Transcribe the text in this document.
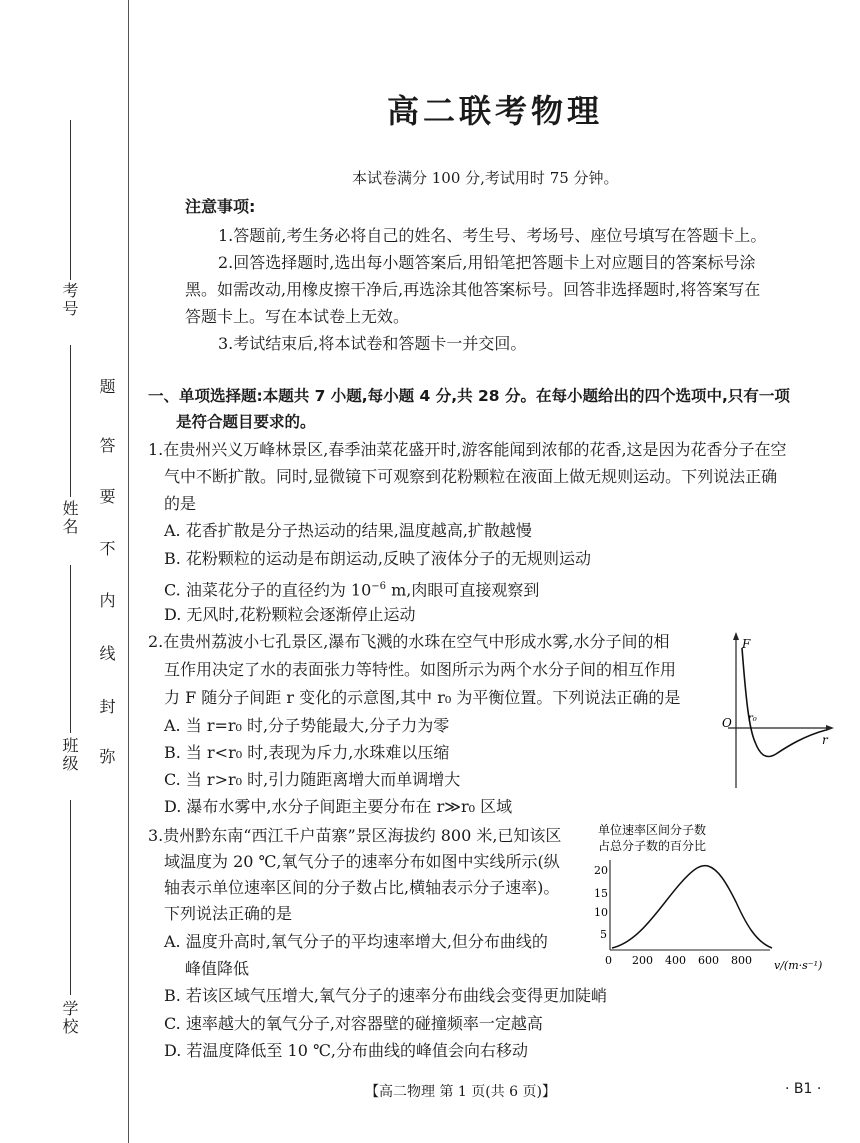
考号
姓名
班级
学校
题
答
要
不
内
线
封
弥
高二联考物理
本试卷满分 100 分,考试用时 75 分钟。
注意事项:
1.答题前,考生务必将自己的姓名、考生号、考场号、座位号填写在答题卡上。
2.回答选择题时,选出每小题答案后,用铅笔把答题卡上对应题目的答案标号涂
黑。如需改动,用橡皮擦干净后,再选涂其他答案标号。回答非选择题时,将答案写在
答题卡上。写在本试卷上无效。
3.考试结束后,将本试卷和答题卡一并交回。
一、单项选择题:本题共 7 小题,每小题 4 分,共 28 分。在每小题给出的四个选项中,只有一项
是符合题目要求的。
1.在贵州兴义万峰林景区,春季油菜花盛开时,游客能闻到浓郁的花香,这是因为花香分子在空
气中不断扩散。同时,显微镜下可观察到花粉颗粒在液面上做无规则运动。下列说法正确
的是
A. 花香扩散是分子热运动的结果,温度越高,扩散越慢
B. 花粉颗粒的运动是布朗运动,反映了液体分子的无规则运动
C. 油菜花分子的直径约为 $10^{-6}$ m,肉眼可直接观察到
D. 无风时,花粉颗粒会逐渐停止运动
2.在贵州荔波小七孔景区,瀑布飞溅的水珠在空气中形成水雾,水分子间的相
互作用决定了水的表面张力等特性。如图所示为两个水分子间的相互作用
力 F 随分子间距 r 变化的示意图,其中 r₀ 为平衡位置。下列说法正确的是
A. 当 r=r₀ 时,分子势能最大,分子力为零
B. 当 r<r₀ 时,表现为斥力,水珠难以压缩
C. 当 r>r₀ 时,引力随距离增大而单调增大
D. 瀑布水雾中,水分子间距主要分布在 r≫r₀ 区域
F
O
r
r₀
3.贵州黔东南“西江千户苗寨”景区海拔约 800 米,已知该区
域温度为 20 ℃,氧气分子的速率分布如图中实线所示(纵
轴表示单位速率区间的分子数占比,横轴表示分子速率)。
下列说法正确的是
A. 温度升高时,氧气分子的平均速率增大,但分布曲线的
峰值降低
B. 若该区域气压增大,氧气分子的速率分布曲线会变得更加陡峭
C. 速率越大的氧气分子,对容器壁的碰撞频率一定越高
D. 若温度降低至 10 ℃,分布曲线的峰值会向右移动
单位速率区间分子数
占总分子数的百分比
20
15
10
5
0 200 400 600 800 v/(m·s⁻¹)
【高二物理 第 1 页(共 6 页)】	· B1 ·
